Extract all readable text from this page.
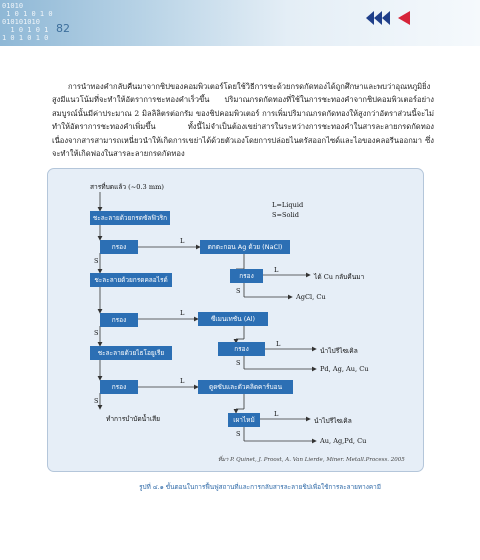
01010
1 0 1 0 1 0
010101010
1 0 1 0 1
1 0 1 0 1 0
82

การนำทองคำกลับคืนมาจากชิปของคอมพิวเตอร์โดยใช้วิธีการชะด้วยกรดกัดทองได้ถูกศึกษาและพบว่าอุณหภูมิยิ่งสูงมีแนวโน้มที่จะทำให้อัตราการชะทองคำเร็วขึ้น ปริมาณกรดกัดทองที่ใช้ในการชะทองคำจากชิปคอมพิวเตอร์อย่างสมบูรณ์นั้นมีค่าประมาณ 2 มิลลิลิตรต่อกรัม ของชิปคอมพิวเตอร์ การเพิ่มปริมาณกรดกัดทองให้สูงกว่าอัตราส่วนนี้จะไม่ทำให้อัตราการชะทองคำเพิ่มขึ้น ทั้งนี้ไม่จำเป็นต้องเขย่าสารในระหว่างการชะทองคำในสารละลายกรดกัดทอง เนื่องจากสารสามารถเหนี่ยวนำให้เกิดการเขย่าได้ด้วยตัวเองโดยการปล่อยไนตรัสออกไซด์และไอของคลอรีนออกมา ซึ่งจะทำให้เกิดฟองในสารละลายกรดกัดทอง

สารที่บดแล้ว (~0.3 mm)
L=Liquid
S=Solid
ชะละลายด้วยกรดซัลฟิวริก
กรอง
ชะละลายด้วยกรดคลอไรด์
กรอง
ชะละลายด้วยไธโอยูเรีย
กรอง
ตกตะกอน Ag ด้วย (NaCl)
กรอง
ซีเมนเทชัน (Al)
กรอง
ดูดซับและตัวคลิดคาร์บอน
เผาไหม้
L
S
S
L
S
L
L
S
L
S
L
S
ได้ Cu กลับคืนมา
AgCl, Cu
นำไปรีไซเคิล
Pd, Ag, Au, Cu
ทำการบำบัดน้ำเสีย	นำไปรีไซเคิล
Au, Ag,Pd, Cu
ที่มา P. Quinet, J. Proost, A. Van Lierde, Miner. Metall.Process. 2005
รูปที่ ๔.๑ ขั้นตอนในการฟื้นฟูสถานที่และการกลับสารละลายชิปเพื่อใช้การละลายทางคามี
